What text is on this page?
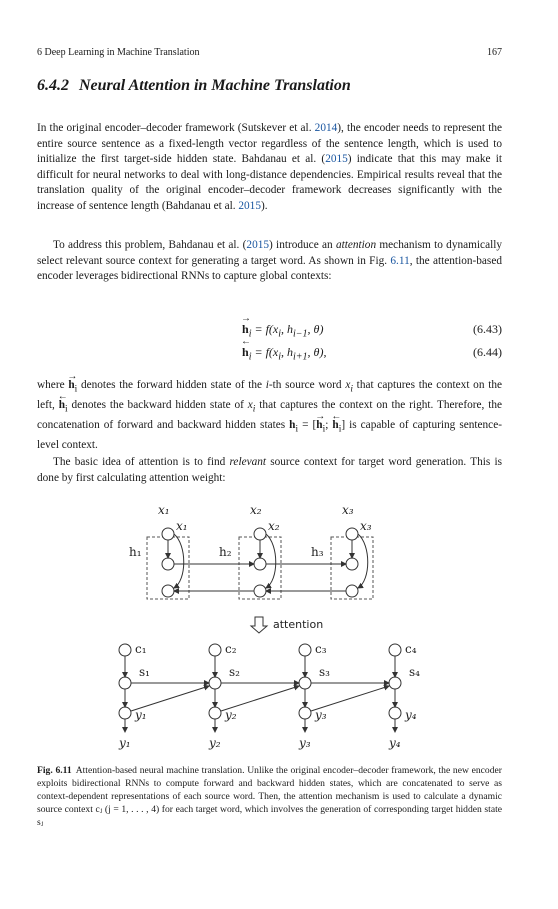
6 Deep Learning in Machine Translation	167
6.4.2 Neural Attention in Machine Translation

In the original encoder–decoder framework (Sutskever et al. 2014), the encoder needs to represent the entire source sentence as a fixed-length vector regardless of the sentence length, which is used to initialize the first target-side hidden state. Bahdanau et al. (2015) indicate that this may make it difficult for neural networks to deal with long-distance dependencies. Empirical results reveal that the translation quality of the original encoder–decoder framework decreases significantly with the increase of sentence length (Bahdanau et al. 2015).

To address this problem, Bahdanau et al. (2015) introduce an attention mechanism to dynamically select relevant source context for generating a target word. As shown in Fig. 6.11, the attention-based encoder leverages bidirectional RNNs to capture global contexts:

→
$h_i = f(x_i$, $h_{i-1}$, θ)	(6.43)
←
$h_i = f(x_i$, $h_{i+1}$, θ),	(6.44)

where
→
$h_i$ denotes the forward hidden state of the i-th source word $x_i$ that captures the context on the left,
←
$h_i$ denotes the backward hidden state of $x_i$ that captures the context on the right. Therefore, the concatenation of forward and backward hidden states $h_i$ = [
→
$h_i$;
←
$h_i$] is capable of capturing sentence-level context.

The basic idea of attention is to find relevant source context for target word generation. This is done by first calculating attention weight:

x₁
x₁
h₁
x₂
x₂
h₂
x₃
x₃
h₃
attention
c₁	c₂	c₃	c₄
s₁	s₂	s₃	s₄
y₁	y₂	y₃	y₄
y₁	y₂	y₃	y₄

Fig. 6.11 Attention-based neural machine translation. Unlike the original encoder–decoder framework, the new encoder exploits bidirectional RNNs to compute forward and backward hidden states, which are concatenated to serve as context-dependent representations of each source word. Then, the attention mechanism is used to calculate a dynamic source context cⱼ (j = 1, . . . , 4) for each target word, which involves the generation of corresponding target hidden state sⱼ
